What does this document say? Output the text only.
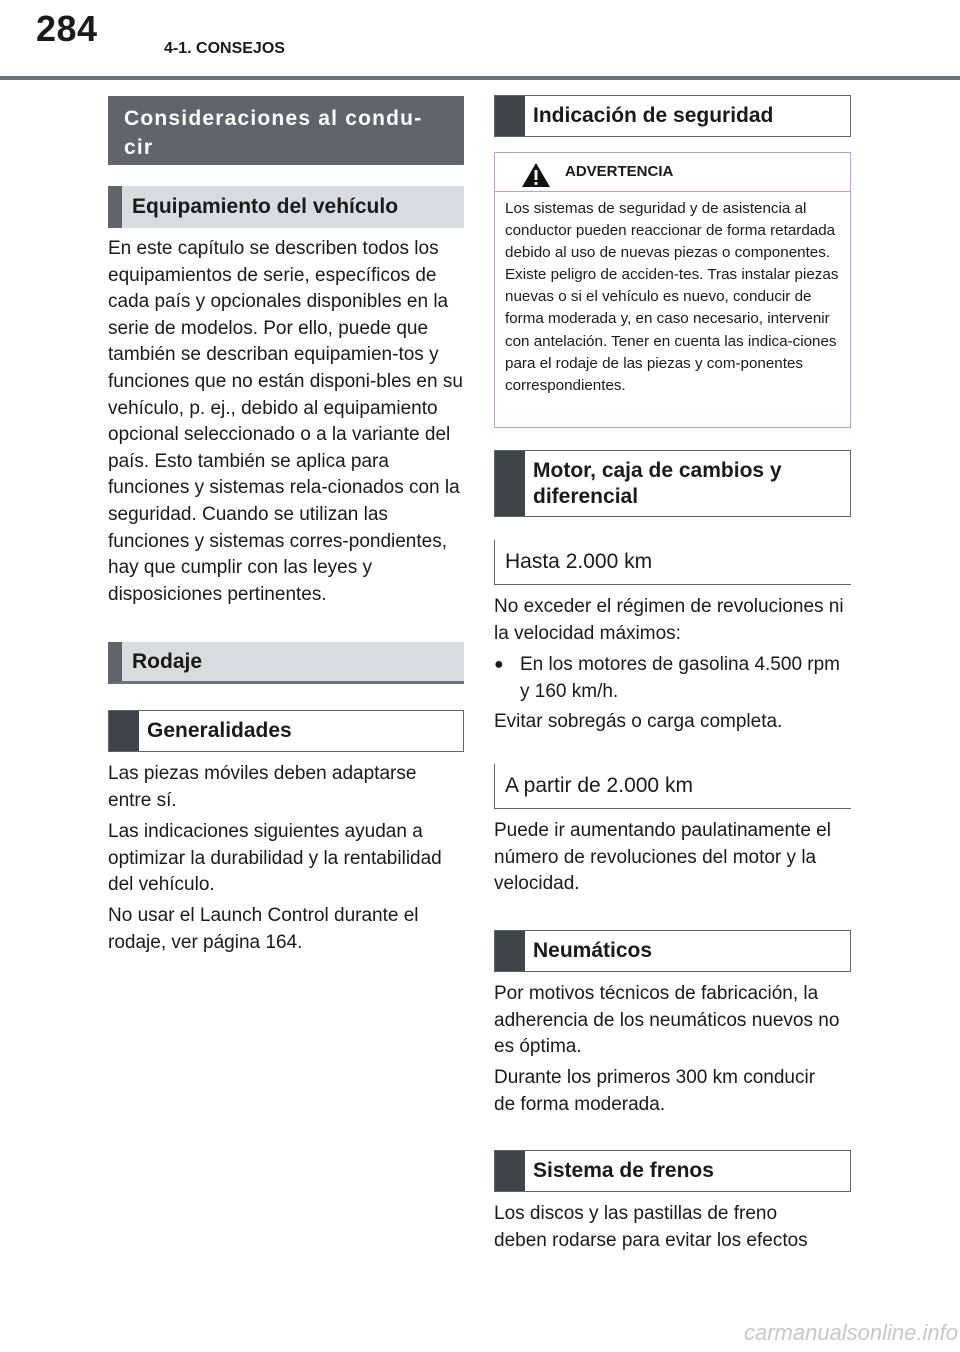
284	4-1. CONSEJOS
Consideraciones al condu-
cir
Equipamiento del vehículo

En este capítulo se describen todos los equipamientos de serie, específicos de cada país y opcionales disponibles en la serie de modelos. Por ello, puede que también se describan equipamien-tos y funciones que no están disponi-bles en su vehículo, p. ej., debido al equipamiento opcional seleccionado o a la variante del país. Esto también se aplica para funciones y sistemas rela-cionados con la seguridad. Cuando se utilizan las funciones y sistemas corres-pondientes, hay que cumplir con las leyes y disposiciones pertinentes.

Rodaje
Generalidades

Las piezas móviles deben adaptarse entre sí.

Las indicaciones siguientes ayudan a optimizar la durabilidad y la rentabilidad del vehículo.

No usar el Launch Control durante el rodaje, ver página 164.

Indicación de seguridad
ADVERTENCIA
Los sistemas de seguridad y de asistencia al conductor pueden reaccionar de forma retardada debido al uso de nuevas piezas o componentes. Existe peligro de acciden-tes. Tras instalar piezas nuevas o si el vehículo es nuevo, conducir de forma moderada y, en caso necesario, intervenir con antelación. Tener en cuenta las indica-ciones para el rodaje de las piezas y com-ponentes correspondientes.
Motor, caja de cambios y
diferencial
Hasta 2.000 km

No exceder el régimen de revoluciones ni la velocidad máximos:

● En los motores de gasolina 4.500 rpm y 160 km/h.

Evitar sobregás o carga completa.

A partir de 2.000 km

Puede ir aumentando paulatinamente el número de revoluciones del motor y la velocidad.

Neumáticos

Por motivos técnicos de fabricación, la adherencia de los neumáticos nuevos no es óptima.

Durante los primeros 300 km conducir de forma moderada.

Sistema de frenos

Los discos y las pastillas de freno deben rodarse para evitar los efectos

carmanualsonline.info
